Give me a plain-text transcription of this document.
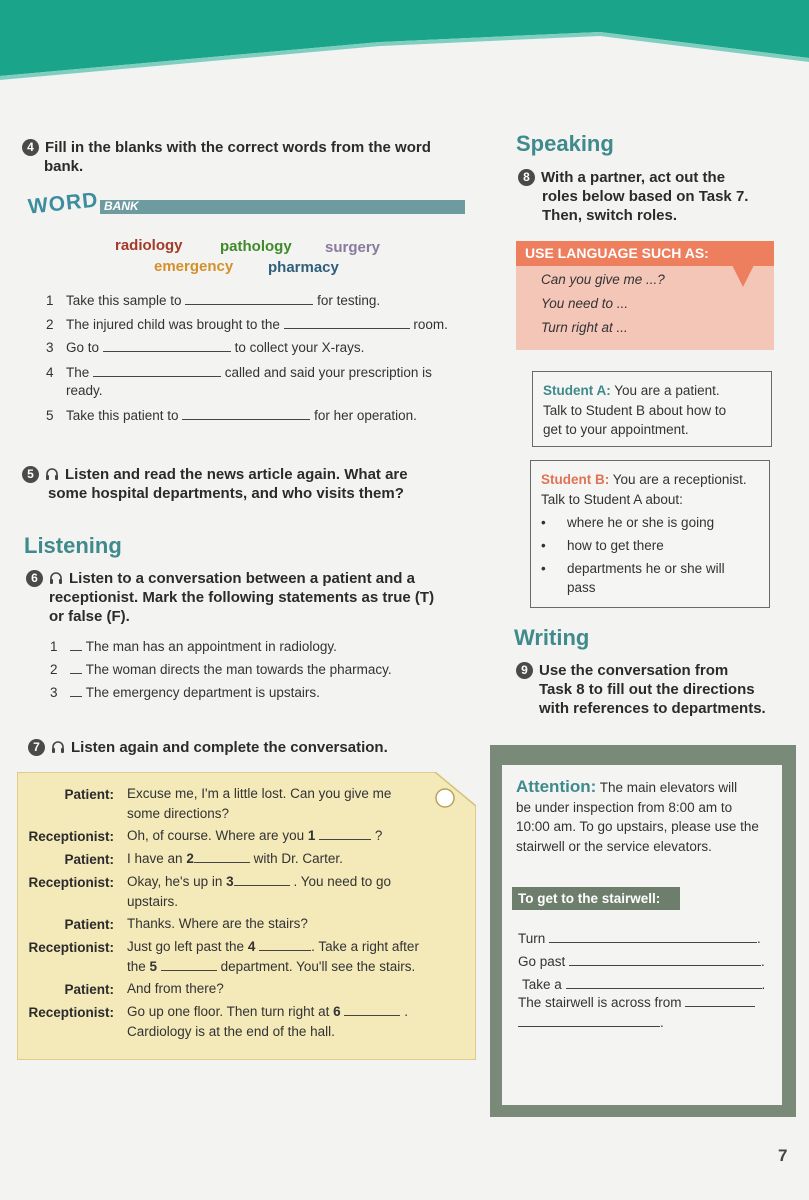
4 Fill in the blanks with the correct words from the word
bank.
BANK
WORD
radiology pathology surgery
emergency pharmacy
1 Take this sample to	for testing.
2 The injured child was brought to the	room.
3 Go to	to collect your X-rays.
4 The	called and said your prescription is
ready.
5 Take this patient to	for her operation.
5 Listen and read the news article again. What are
some hospital departments, and who visits them?
Listening
6 Listen to a conversation between a patient and a
receptionist. Mark the following statements as true (T)
or false (F).
1 The man has an appointment in radiology.
2 The woman directs the man towards the pharmacy.
3 The emergency department is upstairs.
7 Listen again and complete the conversation.
Patient: Excuse me, I'm a little lost. Can you give me
some directions?
Receptionist: Oh, of course. Where are you 1	?
Patient: I have an 2	with Dr. Carter.
Receptionist: Okay, he's up in 3	. You need to go
upstairs.
Patient: Thanks. Where are the stairs?
Receptionist: Just go left past the 4	. Take a right after
the 5	department. You'll see the stairs.
Patient: And from there?
Receptionist: Go up one floor. Then turn right at 6	.
Cardiology is at the end of the hall.
Speaking
8 With a partner, act out the
roles below based on Task 7.
Then, switch roles.
USE LANGUAGE SUCH AS:
Can you give me ...?
You need to ...
Turn right at ...
Student A: You are a patient.
Talk to Student B about how to
get to your appointment.
Student B: You are a receptionist.
Talk to Student A about:
• where he or she is going
• how to get there
• departments he or she will
pass
Writing
9 Use the conversation from
Task 8 to fill out the directions
with references to departments.
Attention: The main elevators will
be under inspection from 8:00 am to
10:00 am. To go upstairs, please use the
stairwell or the service elevators.
To get to the stairwell:
Turn	.
Go past	.
Take a	.
The stairwell is across from
.
7
